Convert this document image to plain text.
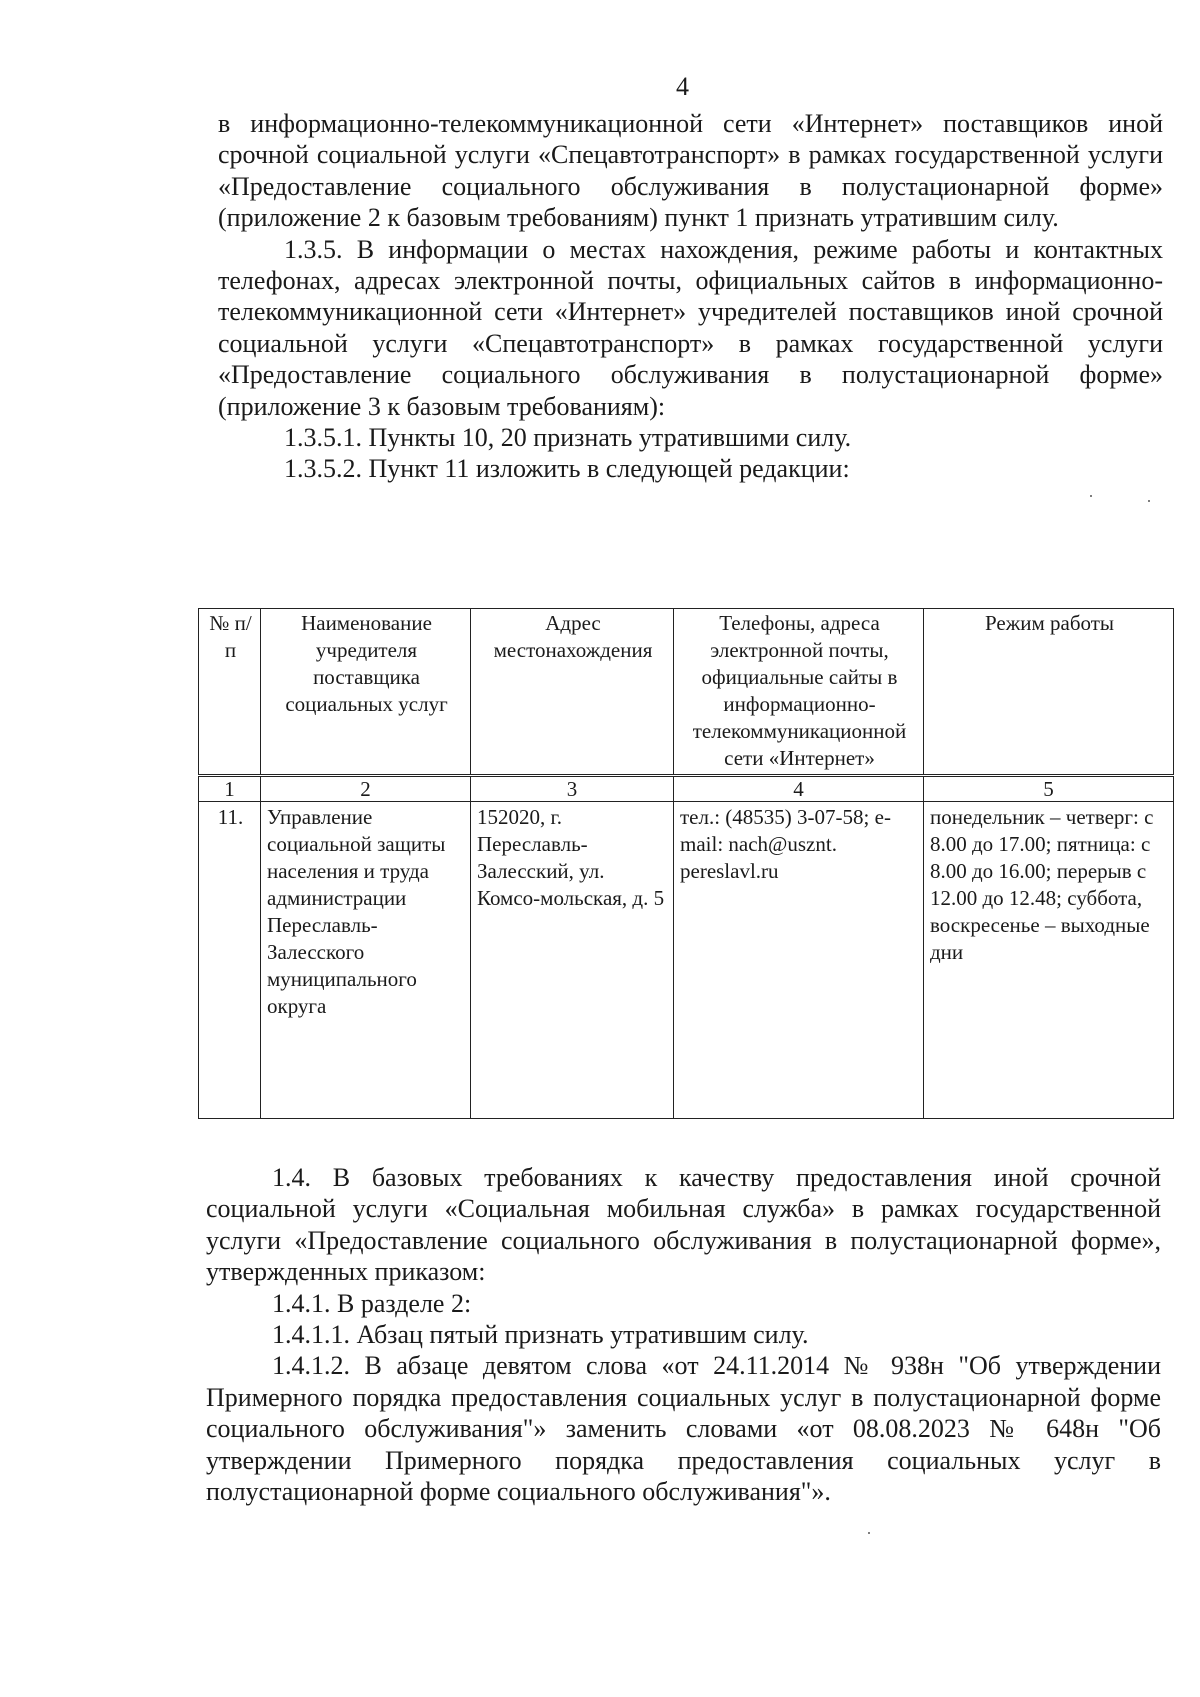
4

в информационно-телекоммуникационной сети «Интернет» поставщиков иной срочной социальной услуги «Спецавтотранспорт» в рамках государственной услуги «Предоставление социального обслуживания в полустационарной форме» (приложение 2 к базовым требованиям) пункт 1 признать утратившим силу.

1.3.5. В информации о местах нахождения, режиме работы и контактных телефонах, адресах электронной почты, официальных сайтов в информационно-телекоммуникационной сети «Интернет» учредителей поставщиков иной срочной социальной услуги «Спецавтотранспорт» в рамках государственной услуги «Предоставление социального обслуживания в полустационарной форме» (приложение 3 к базовым требованиям):

1.3.5.1. Пункты 10, 20 признать утратившими силу.

1.3.5.2. Пункт 11 изложить в следующей редакции:

№ п/п	Наименование учредителя поставщика социальных услуг	Адрес местонахождения	Телефоны, адреса электронной почты, официальные сайты в информационно-телекоммуникационной сети «Интернет»	Режим работы
1	2	3	4	5
11.	Управление социальной защиты населения и труда администрации Переславль-Залесского муниципального округа	152020, г. Переславль-Залесский, ул. Комсо-мольская, д. 5	тел.: (48535) 3-07-58; e-mail: nach@usznt. pereslavl.ru	понедельник – четверг: с 8.00 до 17.00; пятница: с 8.00 до 16.00; перерыв с 12.00 до 12.48; суббота, воскресенье – выходные дни

1.4. В базовых требованиях к качеству предоставления иной срочной социальной услуги «Социальная мобильная служба» в рамках государственной услуги «Предоставление социального обслуживания в полустационарной форме», утвержденных приказом:

1.4.1. В разделе 2:

1.4.1.1. Абзац пятый признать утратившим силу.

1.4.1.2. В абзаце девятом слова «от 24.11.2014 № 938н "Об утверждении Примерного порядка предоставления социальных услуг в полустационарной форме социального обслуживания"» заменить словами «от 08.08.2023 № 648н "Об утверждении Примерного порядка предоставления социальных услуг в полустационарной форме социального обслуживания"».
